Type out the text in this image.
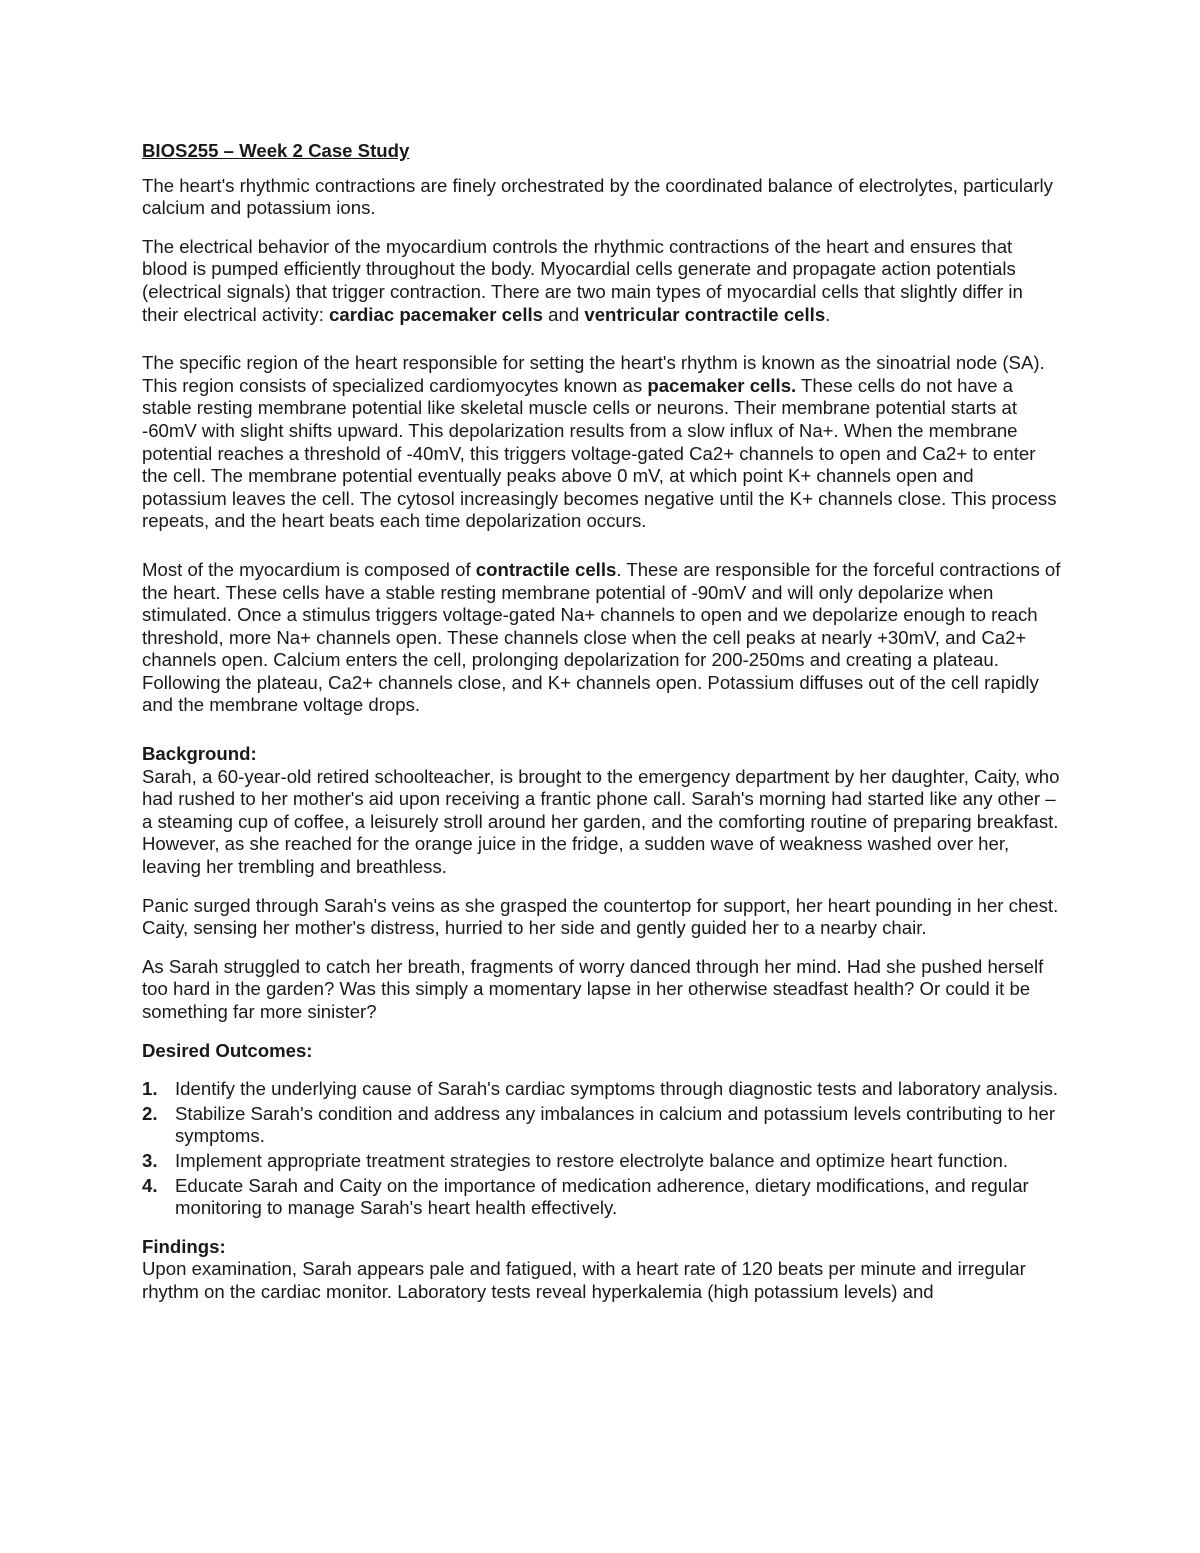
BIOS255 – Week 2 Case Study

The heart's rhythmic contractions are finely orchestrated by the coordinated balance of electrolytes, particularly calcium and potassium ions.

The electrical behavior of the myocardium controls the rhythmic contractions of the heart and ensures that blood is pumped efficiently throughout the body. Myocardial cells generate and propagate action potentials (electrical signals) that trigger contraction. There are two main types of myocardial cells that slightly differ in their electrical activity: cardiac pacemaker cells and ventricular contractile cells.

The specific region of the heart responsible for setting the heart's rhythm is known as the sinoatrial node (SA). This region consists of specialized cardiomyocytes known as pacemaker cells. These cells do not have a stable resting membrane potential like skeletal muscle cells or neurons. Their membrane potential starts at -60mV with slight shifts upward. This depolarization results from a slow influx of Na+. When the membrane potential reaches a threshold of -40mV, this triggers voltage-gated Ca2+ channels to open and Ca2+ to enter the cell. The membrane potential eventually peaks above 0 mV, at which point K+ channels open and potassium leaves the cell. The cytosol increasingly becomes negative until the K+ channels close. This process repeats, and the heart beats each time depolarization occurs.

Most of the myocardium is composed of contractile cells. These are responsible for the forceful contractions of the heart. These cells have a stable resting membrane potential of -90mV and will only depolarize when stimulated. Once a stimulus triggers voltage-gated Na+ channels to open and we depolarize enough to reach threshold, more Na+ channels open. These channels close when the cell peaks at nearly +30mV, and Ca2+ channels open. Calcium enters the cell, prolonging depolarization for 200-250ms and creating a plateau. Following the plateau, Ca2+ channels close, and K+ channels open. Potassium diffuses out of the cell rapidly and the membrane voltage drops.

Background:

Sarah, a 60-year-old retired schoolteacher, is brought to the emergency department by her daughter, Caity, who had rushed to her mother's aid upon receiving a frantic phone call. Sarah's morning had started like any other – a steaming cup of coffee, a leisurely stroll around her garden, and the comforting routine of preparing breakfast. However, as she reached for the orange juice in the fridge, a sudden wave of weakness washed over her, leaving her trembling and breathless.

Panic surged through Sarah's veins as she grasped the countertop for support, her heart pounding in her chest. Caity, sensing her mother's distress, hurried to her side and gently guided her to a nearby chair.

As Sarah struggled to catch her breath, fragments of worry danced through her mind. Had she pushed herself too hard in the garden? Was this simply a momentary lapse in her otherwise steadfast health? Or could it be something far more sinister?

Desired Outcomes:
1. Identify the underlying cause of Sarah's cardiac symptoms through diagnostic tests and laboratory analysis.
2. Stabilize Sarah's condition and address any imbalances in calcium and potassium levels contributing to her symptoms.
3. Implement appropriate treatment strategies to restore electrolyte balance and optimize heart function.
4. Educate Sarah and Caity on the importance of medication adherence, dietary modifications, and regular monitoring to manage Sarah's heart health effectively.
Findings:

Upon examination, Sarah appears pale and fatigued, with a heart rate of 120 beats per minute and irregular rhythm on the cardiac monitor. Laboratory tests reveal hyperkalemia (high potassium levels) and
